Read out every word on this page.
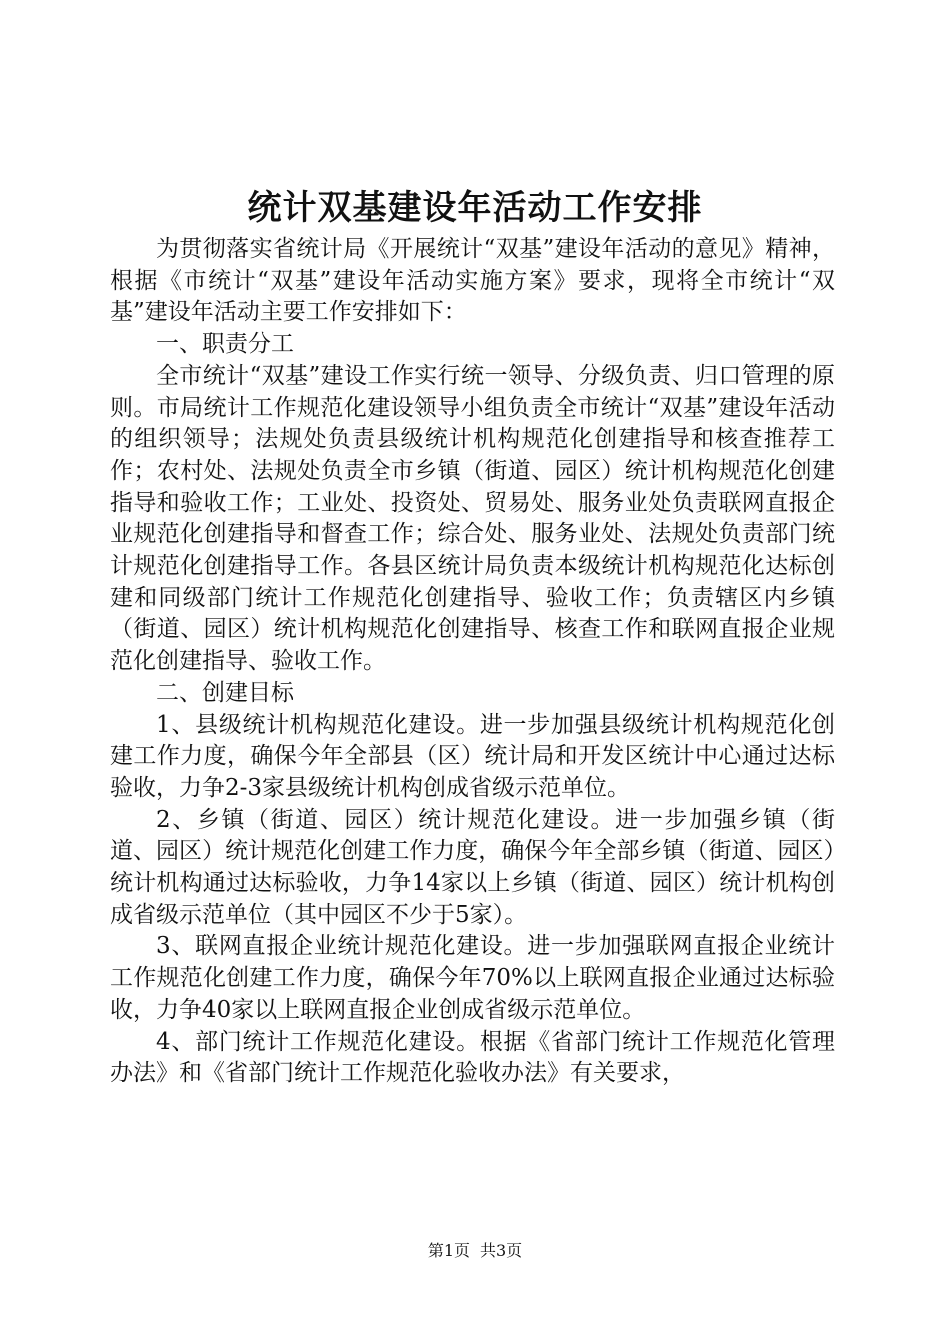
统计双基建设年活动工作安排

为贯彻落实省统计局《开展统计“双基”建设年活动的意见》精神，根据《市统计“双基”建设年活动实施方案》要求，现将全市统计“双基”建设年活动主要工作安排如下：

一、职责分工

全市统计“双基”建设工作实行统一领导、分级负责、归口管理的原则。市局统计工作规范化建设领导小组负责全市统计“双基”建设年活动的组织领导；法规处负责县级统计机构规范化创建指导和核查推荐工作；农村处、法规处负责全市乡镇（街道、园区）统计机构规范化创建指导和验收工作；工业处、投资处、贸易处、服务业处负责联网直报企业规范化创建指导和督查工作；综合处、服务业处、法规处负责部门统计规范化创建指导工作。各县区统计局负责本级统计机构规范化达标创建和同级部门统计工作规范化创建指导、验收工作；负责辖区内乡镇（街道、园区）统计机构规范化创建指导、核查工作和联网直报企业规范化创建指导、验收工作。

二、创建目标

1、县级统计机构规范化建设。进一步加强县级统计机构规范化创建工作力度，确保今年全部县（区）统计局和开发区统计中心通过达标验收，力争2-3家县级统计机构创成省级示范单位。

2、乡镇（街道、园区）统计规范化建设。进一步加强乡镇（街道、园区）统计规范化创建工作力度，确保今年全部乡镇（街道、园区）统计机构通过达标验收，力争14家以上乡镇（街道、园区）统计机构创成省级示范单位（其中园区不少于5家）。

3、联网直报企业统计规范化建设。进一步加强联网直报企业统计工作规范化创建工作力度，确保今年70%以上联网直报企业通过达标验收，力争40家以上联网直报企业创成省级示范单位。

4、部门统计工作规范化建设。根据《省部门统计工作规范化管理办法》和《省部门统计工作规范化验收办法》有关要求，

第1页 共3页
